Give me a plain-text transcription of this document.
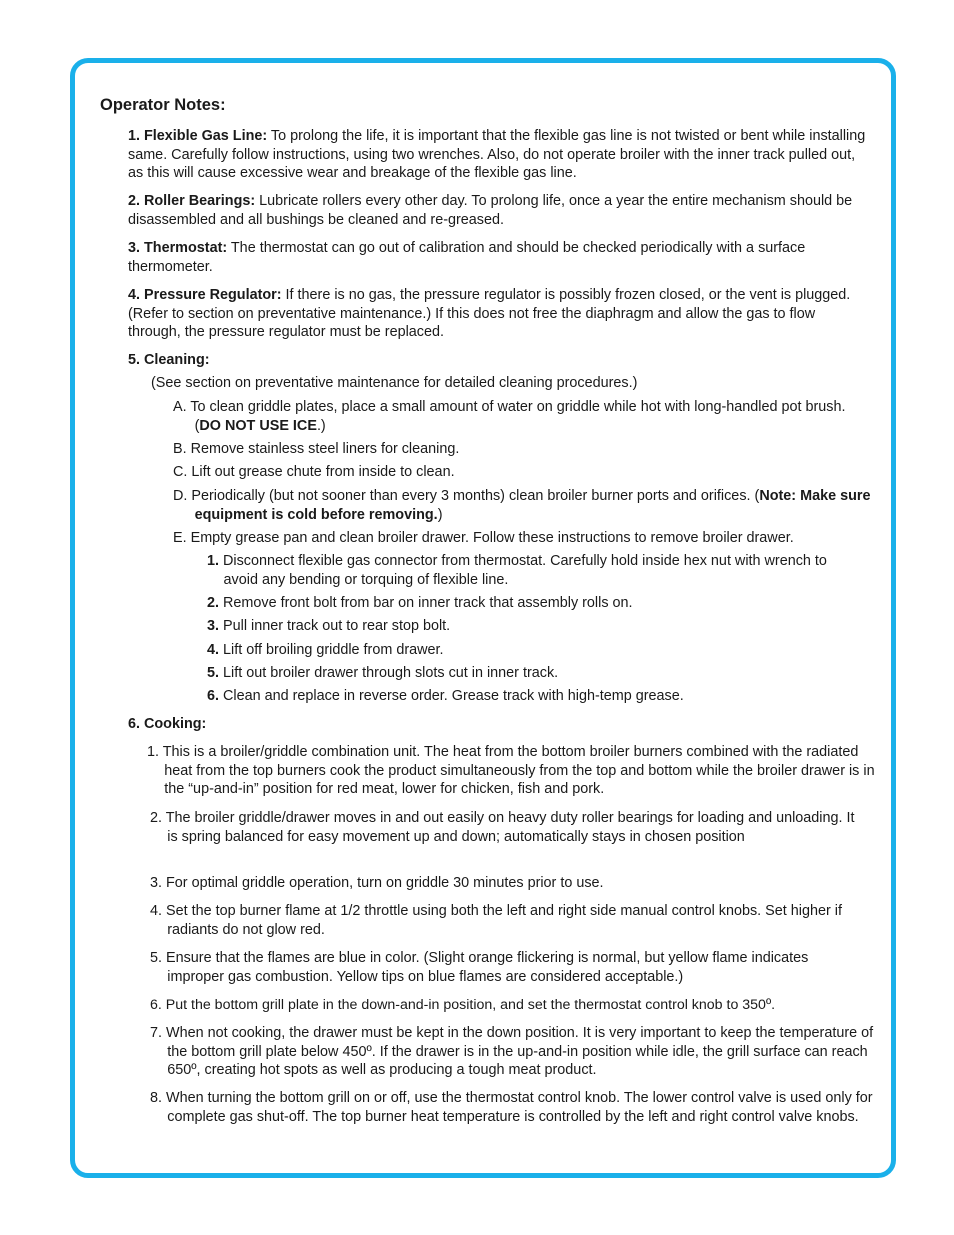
Operator Notes:

1. Flexible Gas Line: To prolong the life, it is important that the flexible gas line is not twisted or bent while installing same. Carefully follow instructions, using two wrenches. Also, do not operate broiler with the inner track pulled out, as this will cause excessive wear and breakage of the flexible gas line.

2. Roller Bearings: Lubricate rollers every other day. To prolong life, once a year the entire mechanism should be disassembled and all bushings be cleaned and re-greased.

3. Thermostat: The thermostat can go out of calibration and should be checked periodically with a surface thermometer.

4. Pressure Regulator: If there is no gas, the pressure regulator is possibly frozen closed, or the vent is plugged. (Refer to section on preventative maintenance.) If this does not free the diaphragm and allow the gas to flow through, the pressure regulator must be replaced.

5. Cleaning:

(See section on preventative maintenance for detailed cleaning procedures.)

A. To clean griddle plates, place a small amount of water on griddle while hot with long-handled pot brush. (DO NOT USE ICE.)

B. Remove stainless steel liners for cleaning.

C. Lift out grease chute from inside to clean.

D. Periodically (but not sooner than every 3 months) clean broiler burner ports and orifices. (Note: Make sure equipment is cold before removing.)

E. Empty grease pan and clean broiler drawer. Follow these instructions to remove broiler drawer.

1. Disconnect flexible gas connector from thermostat. Carefully hold inside hex nut with wrench to avoid any bending or torquing of flexible line.

2. Remove front bolt from bar on inner track that assembly rolls on.

3. Pull inner track out to rear stop bolt.

4. Lift off broiling griddle from drawer.

5. Lift out broiler drawer through slots cut in inner track.

6. Clean and replace in reverse order. Grease track with high-temp grease.

6. Cooking:

1. This is a broiler/griddle combination unit. The heat from the bottom broiler burners combined with the radiated heat from the top burners cook the product simultaneously from the top and bottom while the broiler drawer is in the “up-and-in” position for red meat, lower for chicken, fish and pork.

2. The broiler griddle/drawer moves in and out easily on heavy duty roller bearings for loading and unloading. It is spring balanced for easy movement up and down; automatically stays in chosen position

3. For optimal griddle operation, turn on griddle 30 minutes prior to use.

4. Set the top burner flame at 1/2 throttle using both the left and right side manual control knobs. Set higher if radiants do not glow red.

5. Ensure that the flames are blue in color. (Slight orange flickering is normal, but yellow flame indicates improper gas combustion. Yellow tips on blue flames are considered acceptable.)

6. Put the bottom grill plate in the down-and-in position, and set the thermostat control knob to 350º.

7. When not cooking, the drawer must be kept in the down position. It is very important to keep the temperature of the bottom grill plate below 450º. If the drawer is in the up-and-in position while idle, the grill surface can reach 650º, creating hot spots as well as producing a tough meat product.

8. When turning the bottom grill on or off, use the thermostat control knob. The lower control valve is used only for complete gas shut-off. The top burner heat temperature is controlled by the left and right control valve knobs.
